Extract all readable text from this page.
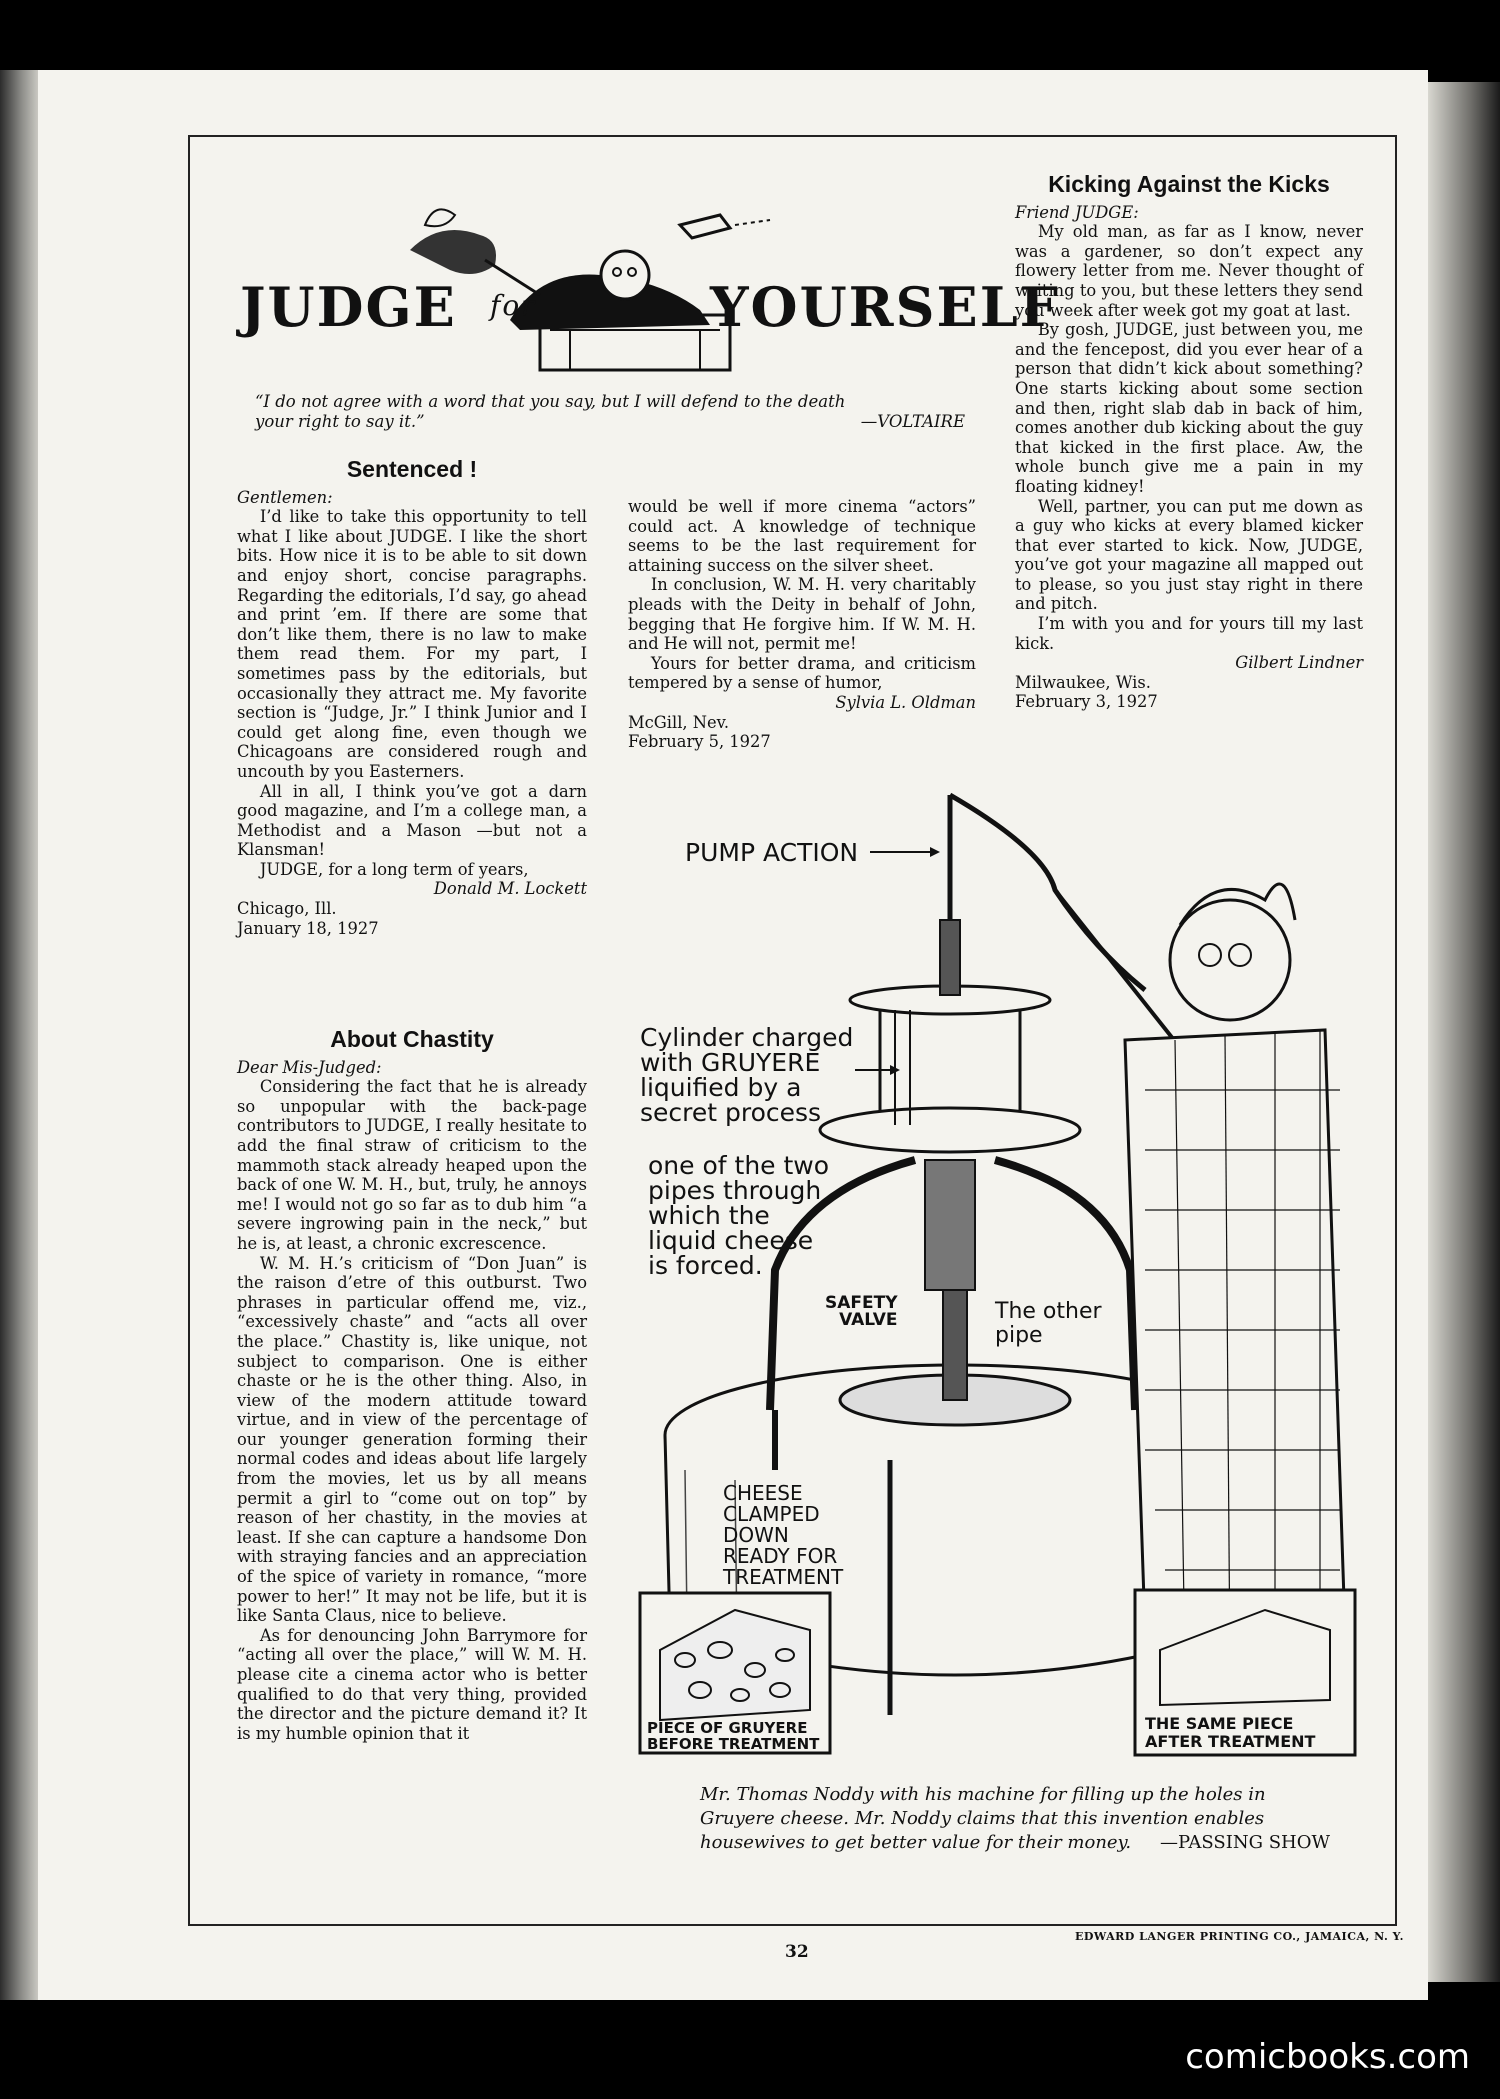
JUDGE for	YOURSELF
“I do not agree with a word that you say, but I will defend to the death
your right to say it.”	—VOLTAIRE
Sentenced !
Gentlemen:

I’d like to take this opportunity to tell what I like about JUDGE. I like the short bits. How nice it is to be able to sit down and enjoy short, concise paragraphs. Regarding the editorials, I’d say, go ahead and print ’em. If there are some that don’t like them, there is no law to make them read them. For my part, I sometimes pass by the editorials, but occasionally they attract me. My favorite section is “Judge, Jr.” I think Junior and I could get along fine, even though we Chicagoans are considered rough and uncouth by you Easterners.

All in all, I think you’ve got a darn good magazine, and I’m a college man, a Methodist and a Mason —but not a Klansman!

JUDGE, for a long term of years,

Donald M. Lockett
Chicago, Ill.
January 18, 1927
About Chastity
Dear Mis-Judged:

Considering the fact that he is already so unpopular with the back-page contributors to JUDGE, I really hesitate to add the final straw of criticism to the mammoth stack already heaped upon the back of one W. M. H., but, truly, he annoys me! I would not go so far as to dub him “a severe ingrowing pain in the neck,” but he is, at least, a chronic excrescence.

W. M. H.’s criticism of “Don Juan” is the raison d’etre of this outburst. Two phrases in particular offend me, viz., “excessively chaste” and “acts all over the place.” Chastity is, like unique, not subject to comparison. One is either chaste or he is the other thing. Also, in view of the modern attitude toward virtue, and in view of the percentage of our younger generation forming their normal codes and ideas about life largely from the movies, let us by all means permit a girl to “come out on top” by reason of her chastity, in the movies at least. If she can capture a handsome Don with straying fancies and an appreciation of the spice of variety in romance, “more power to her!” It may not be life, but it is like Santa Claus, nice to believe.

As for denouncing John Barrymore for “acting all over the place,” will W. M. H. please cite a cinema actor who is better qualified to do that very thing, provided the director and the picture demand it? It is my humble opinion that it

would be well if more cinema “actors” could act. A knowledge of technique seems to be the last requirement for attaining success on the silver sheet.

In conclusion, W. M. H. very charitably pleads with the Deity in behalf of John, begging that He forgive him. If W. M. H. and He will not, permit me!

Yours for better drama, and criticism tempered by a sense of humor,

Sylvia L. Oldman
McGill, Nev.
February 5, 1927
Kicking Against the Kicks
Friend JUDGE:

My old man, as far as I know, never was a gardener, so don’t expect any flowery letter from me. Never thought of writing to you, but these letters they send you week after week got my goat at last.

By gosh, JUDGE, just between you, me and the fencepost, did you ever hear of a person that didn’t kick about something? One starts kicking about some section and then, right slab dab in back of him, comes another dub kicking about the guy that kicked in the first place. Aw, the whole bunch give me a pain in my floating kidney!

Well, partner, you can put me down as a guy who kicks at every blamed kicker that ever started to kick. Now, JUDGE, you’ve got your magazine all mapped out to please, so you just stay right in there and pitch.

I’m with you and for yours till my last kick.

Gilbert Lindner
Milwaukee, Wis.
February 3, 1927
PUMP ACTION
Cylinder charged
with GRUYERE
liquified by a
secret process
one of the two
pipes through
which the
liquid cheese
is forced.
SAFETY
VALVE	The other
pipe
CHEESE
CLAMPED
DOWN
READY FOR
TREATMENT
PIECE OF GRUYERE
BEFORE TREATMENT
THE SAME PIECE
AFTER TREATMENT
Mr. Thomas Noddy with his machine for filling up the holes in Gruyere cheese. Mr. Noddy claims that this invention enables housewives to get better value for their money. —PASSING SHOW
32
EDWARD LANGER PRINTING CO., JAMAICA, N. Y.
comicbooks.com
